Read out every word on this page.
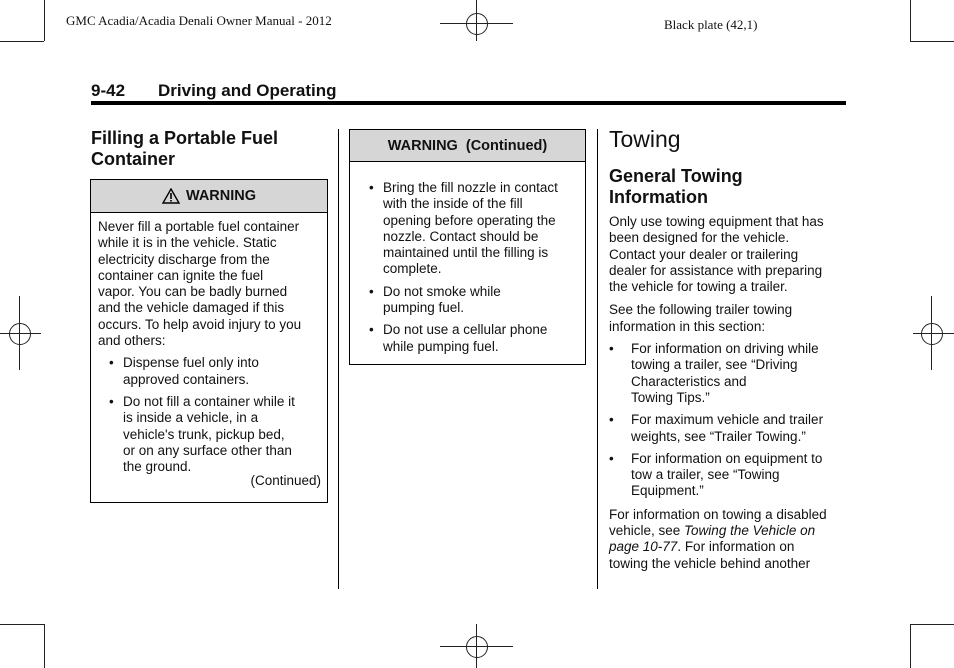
GMC Acadia/Acadia Denali Owner Manual - 2012	Black plate (42,1)
9-42 Driving and Operating
Filling a Portable Fuel
Container
WARNING

Never fill a portable fuel container
while it is in the vehicle. Static
electricity discharge from the
container can ignite the fuel
vapor. You can be badly burned
and the vehicle damaged if this
occurs. To help avoid injury to you
and others:

• Dispense fuel only into
approved containers.

• Do not fill a container while it
is inside a vehicle, in a
vehicle's trunk, pickup bed,
or on any surface other than
the ground.

(Continued)
WARNING  (Continued)

• Bring the fill nozzle in contact
with the inside of the fill
opening before operating the
nozzle. Contact should be
maintained until the filling is
complete.

• Do not smoke while
pumping fuel.

• Do not use a cellular phone
while pumping fuel.

Towing
General Towing
Information

Only use towing equipment that has
been designed for the vehicle.
Contact your dealer or trailering
dealer for assistance with preparing
the vehicle for towing a trailer.

See the following trailer towing
information in this section:

• For information on driving while
towing a trailer, see “Driving
Characteristics and
Towing Tips.”

• For maximum vehicle and trailer
weights, see “Trailer Towing.”

• For information on equipment to
tow a trailer, see “Towing
Equipment.”

For information on towing a disabled
vehicle, see Towing the Vehicle on
page 10-77. For information on
towing the vehicle behind another
